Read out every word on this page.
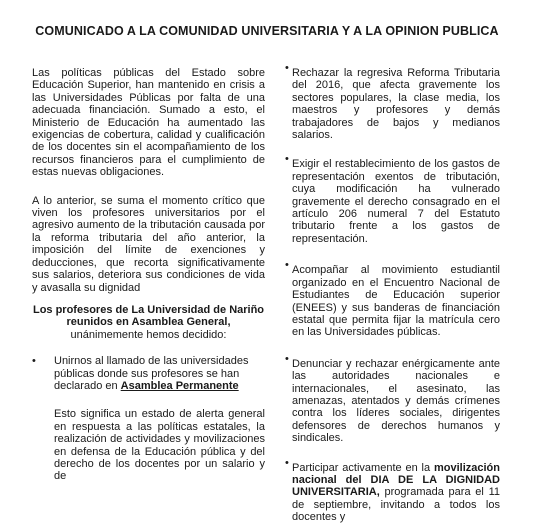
COMUNICADO A LA COMUNIDAD UNIVERSITARIA Y A LA OPINION PUBLICA

Las políticas públicas del Estado sobre Educación Superior, han mantenido en crisis a las Universidades Públicas por falta de una adecuada financiación. Sumado a esto, el Ministerio de Educación ha aumentado las exigencias de cobertura, calidad y cualificación de los docentes sin el acompañamiento de los recursos financieros para el cumplimiento de estas nuevas obligaciones.

A lo anterior, se suma el momento crítico que viven los profesores universitarios por el agresivo aumento de la tributación causada por la reforma tributaria del año anterior, la imposición del límite de exenciones y deducciones, que recorta significativamente sus salarios, deteriora sus condiciones de vida y avasalla su dignidad

Los profesores de La Universidad de Nariño reunidos en Asamblea General, unánimemente hemos decidido:

• Unirnos al llamado de las universidades públicas donde sus profesores se han declarado en Asamblea Permanente
Esto significa un estado de alerta general en respuesta a las políticas estatales, la realización de actividades y movilizaciones en defensa de la Educación pública y del derecho de los docentes por un salario y de
• Rechazar la regresiva Reforma Tributaria del 2016, que afecta gravemente los sectores populares, la clase media, los maestros y profesores y demás trabajadores de bajos y medianos salarios.

• Exigir el restablecimiento de los gastos de representación exentos de tributación, cuya modificación ha vulnerado gravemente el derecho consagrado en el artículo 206 numeral 7 del Estatuto tributario frente a los gastos de representación.

• Acompañar al movimiento estudiantil organizado en el Encuentro Nacional de Estudiantes de Educación superior (ENEES) y sus banderas de financiación estatal que permita fijar la matrícula cero en las Universidades públicas.

• Denunciar y rechazar enérgicamente ante las autoridades nacionales e internacionales, el asesinato, las amenazas, atentados y demás crímenes contra los líderes sociales, dirigentes defensores de derechos humanos y sindicales.

• Participar activamente en la movilización nacional del DIA DE LA DIGNIDAD UNIVERSITARIA, programada para el 11 de septiembre, invitando a todos los docentes y
